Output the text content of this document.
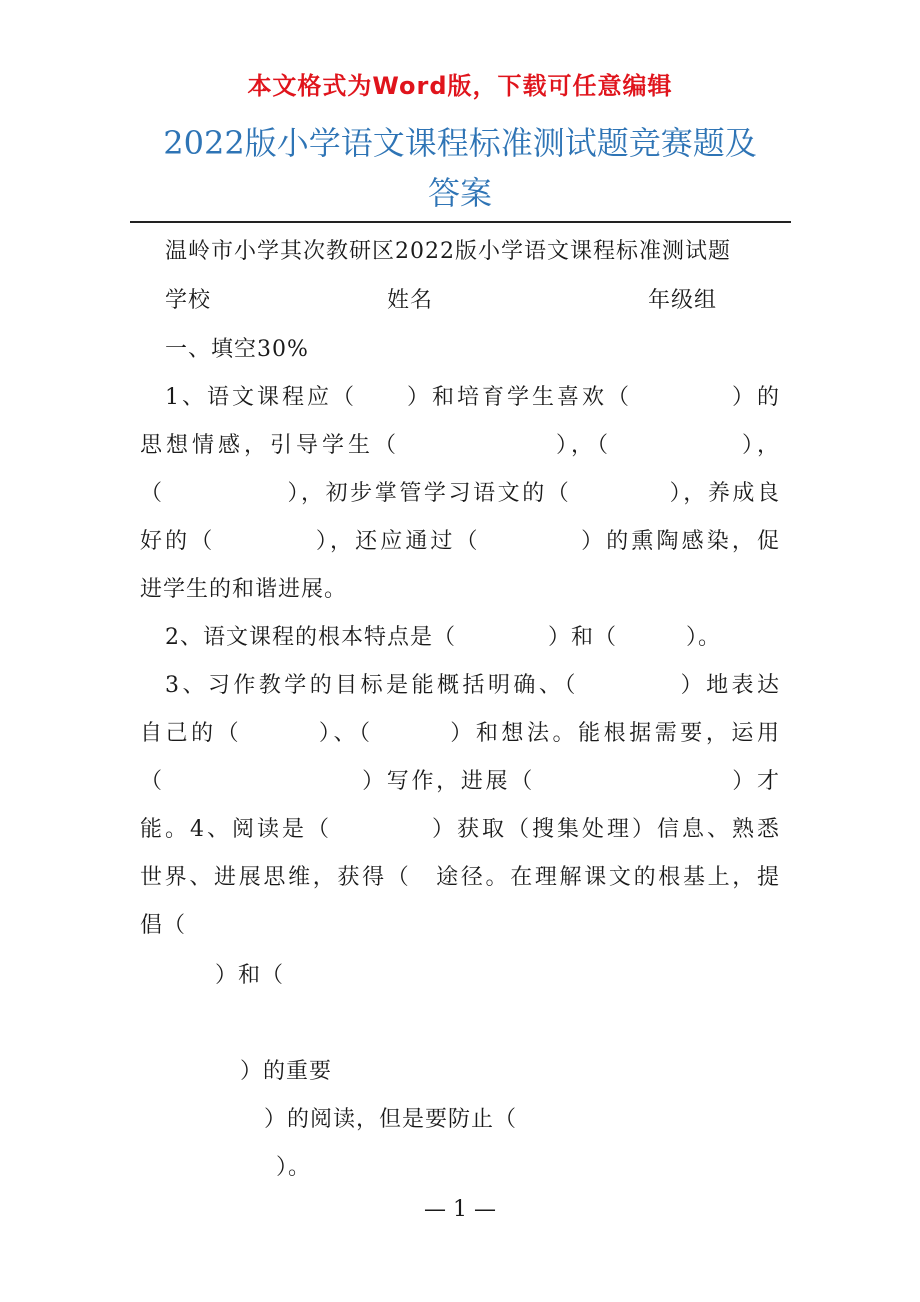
本文格式为Word版，下载可任意编辑
2022版小学语文课程标准测试题竞赛题及
答案
温岭市小学其次教研区2022版小学语文课程标准测试题
学校	姓名	年级组
一、填空30%
1、语文课程应（　　）和培育学生喜欢（　　　　）的
思想情感，引导学生（　　　　　　），（　　　　　），
（　　　　　），初步掌管学习语文的（　　　　），养成良
好的（　　　　），还应通过（　　　　）的熏陶感染，促
进学生的和谐进展。
2、语文课程的根本特点是（　　　　）和（　　　）。
3、习作教学的目标是能概括明确、（　　　　）地表达
自己的（　　　）、（　　　）和想法。能根据需要，运用
（　　　　　　　　）写作，进展（　　　　　　　　）才
能。4、阅读是（　　　　）获取（搜集处理）信息、熟悉
世界、进展思维，获得（　途径。在理解课文的根基上，提
倡（
）和（
）的重要
）的阅读，但是要防止（
）。
— 1 —
